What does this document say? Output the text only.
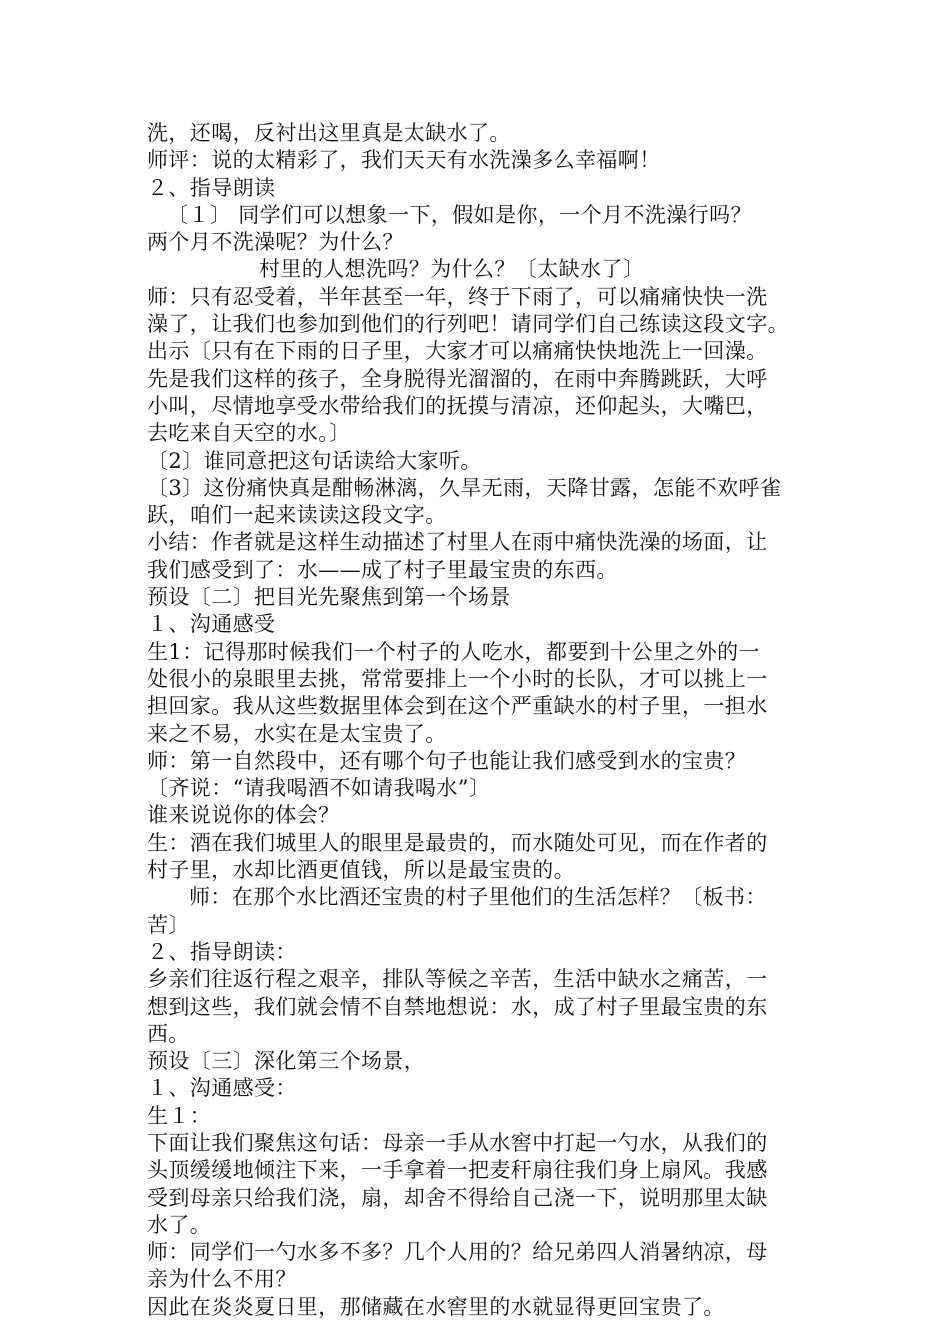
洗，还喝，反衬出这里真是太缺水了。
师评：说的太精彩了，我们天天有水洗澡多么幸福啊！
２、指导朗读
〔１〕 同学们可以想象一下，假如是你，一个月不洗澡行吗？
两个月不洗澡呢？为什么？
村里的人想洗吗？为什么？〔太缺水了〕
师：只有忍受着，半年甚至一年，终于下雨了，可以痛痛快快一洗
澡了，让我们也参加到他们的行列吧！请同学们自己练读这段文字。
出示〔只有在下雨的日子里，大家才可以痛痛快快地洗上一回澡。
先是我们这样的孩子，全身脱得光溜溜的，在雨中奔腾跳跃，大呼
小叫，尽情地享受水带给我们的抚摸与清凉，还仰起头，大嘴巴，
去吃来自天空的水。〕
〔2〕谁同意把这句话读给大家听。
〔3〕这份痛快真是酣畅淋漓，久旱无雨，天降甘露，怎能不欢呼雀
跃，咱们一起来读读这段文字。
小结：作者就是这样生动描述了村里人在雨中痛快洗澡的场面，让
我们感受到了：水——成了村子里最宝贵的东西。
预设〔二〕把目光先聚焦到第一个场景
１、沟通感受
生1：记得那时候我们一个村子的人吃水，都要到十公里之外的一
处很小的泉眼里去挑，常常要排上一个小时的长队，才可以挑上一
担回家。我从这些数据里体会到在这个严重缺水的村子里，一担水
来之不易，水实在是太宝贵了。
师：第一自然段中，还有哪个句子也能让我们感受到水的宝贵？
〔齐说：“请我喝酒不如请我喝水”〕
谁来说说你的体会？
生：酒在我们城里人的眼里是最贵的，而水随处可见，而在作者的
村子里，水却比酒更值钱，所以是最宝贵的。
师：在那个水比酒还宝贵的村子里他们的生活怎样？〔板书：
苦〕
２、指导朗读：
乡亲们往返行程之艰辛，排队等候之辛苦，生活中缺水之痛苦，一
想到这些，我们就会情不自禁地想说：水，成了村子里最宝贵的东
西。
预设〔三〕深化第三个场景，
１、沟通感受：
生１：
下面让我们聚焦这句话：母亲一手从水窖中打起一勺水，从我们的
头顶缓缓地倾注下来，一手拿着一把麦秆扇往我们身上扇风。我感
受到母亲只给我们浇，扇，却舍不得给自己浇一下，说明那里太缺
水了。
师：同学们一勺水多不多？几个人用的？给兄弟四人消暑纳凉，母
亲为什么不用？
因此在炎炎夏日里，那储藏在水窖里的水就显得更回宝贵了。
